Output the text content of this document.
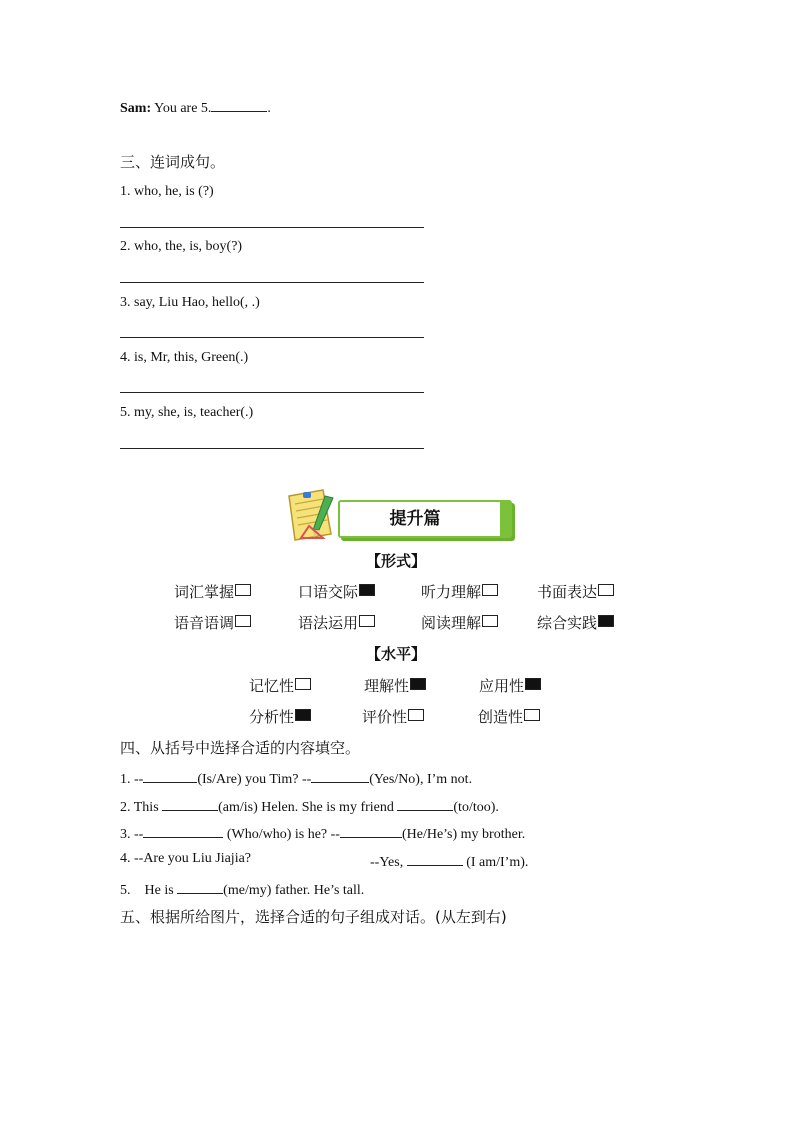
Sam: You are 5.	.
三、连词成句。
1. who, he, is (?)
2. who, the, is, boy(?)
3. say, Liu Hao, hello(, .)
4. is, Mr, this, Green(.)
5. my, she, is, teacher(.)
提升篇
【形式】
词汇掌握	口语交际	听力理解	书面表达
语音语调	语法运用	阅读理解	综合实践
【水平】
记忆性	理解性	应用性
分析性	评价性	创造性
四、从括号中选择合适的内容填空。
1. --	(Is/Are) you Tim? --	(Yes/No), I’m not.
2. This	(am/is) Helen. She is my friend	(to/too).
3. --	(Who/who) is he? --	(He/He’s) my brother.
4. --Are you Liu Jiajia?	--Yes,	(I am/I’m).
5.    He is	(me/my) father. He’s tall.
五、根据所给图片，选择合适的句子组成对话。(从左到右)
